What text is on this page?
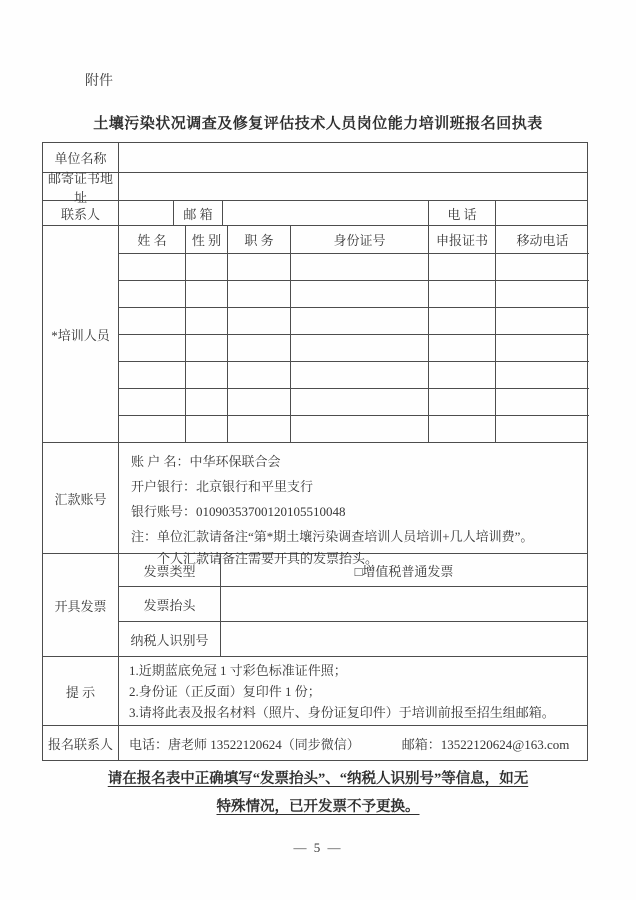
附件
土壤污染状况调查及修复评估技术人员岗位能力培训班报名回执表
单位名称
邮寄证书地址
联系人	邮 箱	电 话
*培训人员
姓 名	性 别	职 务	身份证号	申报证书	移动电话
汇款账号
账 户 名：中华环保联合会
开户银行：北京银行和平里支行
银行账号：01090353700120105510048
注：单位汇款请备注“第*期土壤污染调查培训人员培训+几人培训费”。
个人汇款请备注需要开具的发票抬头。
开具发票
发票类型	□增值税普通发票
发票抬头
纳税人识别号
提 示
1.近期蓝底免冠 1 寸彩色标准证件照；
2.身份证（正反面）复印件 1 份；
3.请将此表及报名材料（照片、身份证复印件）于培训前报至招生组邮箱。
报名联系人	电话：唐老师 13522120624（同步微信）	邮箱：13522120624@163.com
请在报名表中正确填写“发票抬头”、“纳税人识别号”等信息，如无
特殊情况，已开发票不予更换。
— 5 —
